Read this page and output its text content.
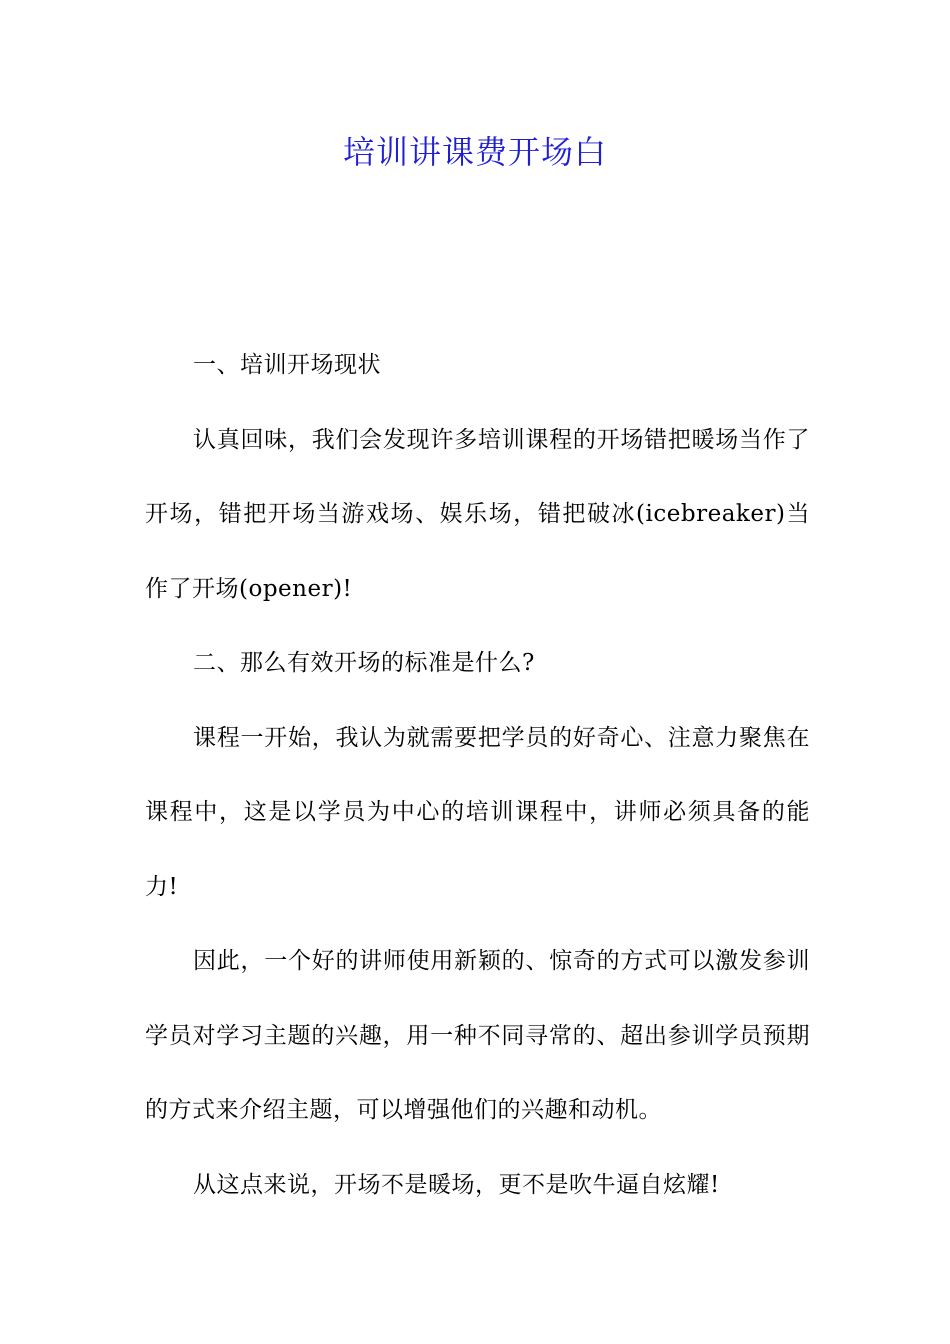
培训讲课费开场白

一、培训开场现状

认真回味，我们会发现许多培训课程的开场错把暖场当作了开场，错把开场当游戏场、娱乐场，错把破冰(icebreaker)当作了开场(opener)!

二、那么有效开场的标准是什么?

课程一开始，我认为就需要把学员的好奇心、注意力聚焦在课程中，这是以学员为中心的培训课程中，讲师必须具备的能力!

因此，一个好的讲师使用新颖的、惊奇的方式可以激发参训学员对学习主题的兴趣，用一种不同寻常的、超出参训学员预期的方式来介绍主题，可以增强他们的兴趣和动机。

从这点来说，开场不是暖场，更不是吹牛逼自炫耀!
